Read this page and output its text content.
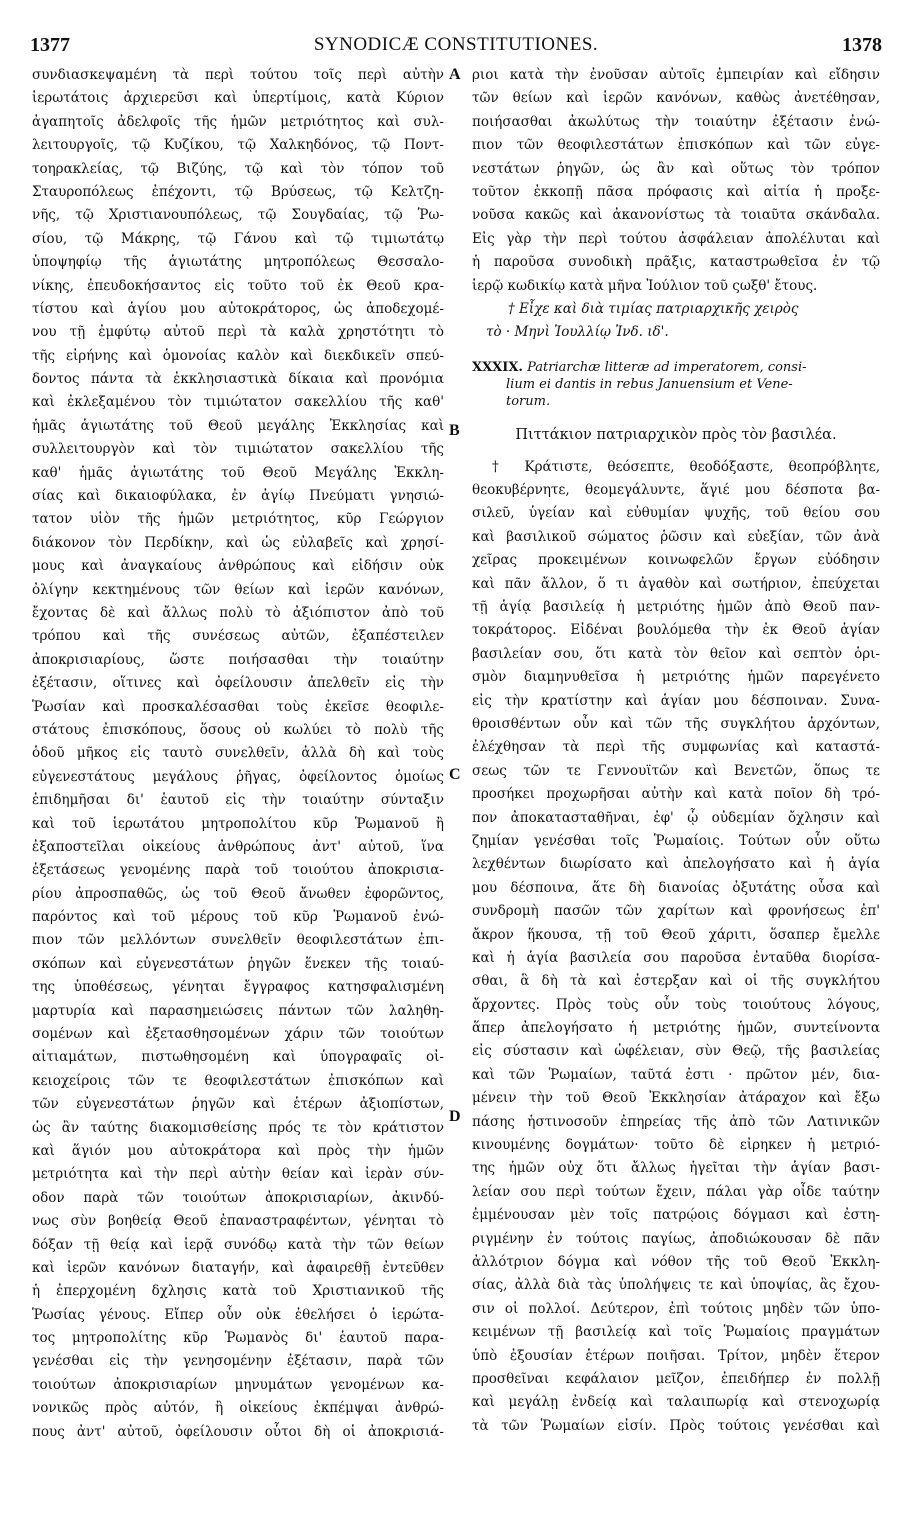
1377	SYNODICÆ CONSTITUTIONES.	1378
A
B
C
D
συνδιασκεψαμένη τὰ περὶ τούτου τοῖς περὶ αὐτὴν
ἱερωτάτοις ἀρχιερεῦσι καὶ ὑπερτίμοις, κατὰ Κύριον
ἀγαπητοῖς ἀδελφοῖς τῆς ἡμῶν μετριότητος καὶ συλ-
λειτουργοῖς, τῷ Κυζίκου, τῷ Χαλκηδόνος, τῷ Ποντ-
τοηρακλείας, τῷ Βιζύης, τῷ καὶ τὸν τόπον τοῦ
Σταυροπόλεως ἐπέχοντι, τῷ Βρύσεως, τῷ Κελτζη-
νῆς, τῷ Χριστιανουπόλεως, τῷ Σουγδαίας, τῷ Ῥω-
σίου, τῷ Μάκρης, τῷ Γάνου καὶ τῷ τιμιωτάτῳ
ὑποψηφίῳ τῆς ἁγιωτάτης μητροπόλεως Θεσσαλο-
νίκης, ἐπευδοκήσαντος εἰς τοῦτο τοῦ ἐκ Θεοῦ κρα-
τίστου καὶ ἁγίου μου αὐτοκράτορος, ὡς ἀποδεχομέ-
νου τῇ ἐμφύτῳ αὐτοῦ περὶ τὰ καλὰ χρηστότητι τὸ
τῆς εἰρήνης καὶ ὁμονοίας καλὸν καὶ διεκδικεῖν σπεύ-
δοντος πάντα τὰ ἐκκλησιαστικὰ δίκαια καὶ προνόμια
καὶ ἐκλεξαμένου τὸν τιμιώτατον σακελλίου τῆς καθ'
ἡμᾶς ἁγιωτάτης τοῦ Θεοῦ μεγάλης Ἐκκλησίας καὶ
συλλειτουργὸν καὶ τὸν τιμιώτατον σακελλίου τῆς
καθ' ἡμᾶς ἁγιωτάτης τοῦ Θεοῦ Μεγάλης Ἐκκλη-
σίας καὶ δικαιοφύλακα, ἐν ἁγίῳ Πνεύματι γνησιώ-
τατον υἱὸν τῆς ἡμῶν μετριότητος, κῦρ Γεώργιον
διάκονον τὸν Περδίκην, καὶ ὡς εὐλαβεῖς καὶ χρησί-
μους καὶ ἀναγκαίους ἀνθρώπους καὶ εἰδήσιν οὐκ
ὀλίγην κεκτημένους τῶν θείων καὶ ἱερῶν κανόνων,
ἔχοντας δὲ καὶ ἄλλως πολὺ τὸ ἀξιόπιστον ἀπὸ τοῦ
τρόπου καὶ τῆς συνέσεως αὐτῶν, ἐξαπέστειλεν
ἀποκρισιαρίους, ὥστε ποιήσασθαι τὴν τοιαύτην
ἐξέτασιν, οἵτινες καὶ ὀφείλουσιν ἀπελθεῖν εἰς τὴν
Ῥωσίαν καὶ προσκαλέσασθαι τοὺς ἐκεῖσε θεοφιλε-
στάτους ἐπισκόπους, ὅσους οὐ κωλύει τὸ πολὺ τῆς
ὁδοῦ μῆκος εἰς ταυτὸ συνελθεῖν, ἀλλὰ δὴ καὶ τοὺς
εὐγενεστάτους μεγάλους ῥῆγας, ὀφείλοντος ὁμοίως
ἐπιδημῆσαι δι' ἑαυτοῦ εἰς τὴν τοιαύτην σύνταξιν
καὶ τοῦ ἱερωτάτου μητροπολίτου κῦρ Ῥωμανοῦ ἢ
ἐξαποστεῖλαι οἰκείους ἀνθρώπους ἀντ' αὐτοῦ, ἵνα
ἐξετάσεως γενομένης παρὰ τοῦ τοιούτου ἀποκρισια-
ρίου ἀπροσπαθῶς, ὡς τοῦ Θεοῦ ἄνωθεν ἐφορῶντος,
παρόντος καὶ τοῦ μέρους τοῦ κῦρ Ῥωμανοῦ ἐνώ-
πιον τῶν μελλόντων συνελθεῖν θεοφιλεστάτων ἐπι-
σκόπων καὶ εὐγενεστάτων ῥηγῶν ἕνεκεν τῆς τοιαύ-
της ὑποθέσεως, γένηται ἔγγραφος κατησφαλισμένη
μαρτυρία καὶ παρασημειώσεις πάντων τῶν λαληθη-
σομένων καὶ ἐξετασθησομένων χάριν τῶν τοιούτων
αἰτιαμάτων, πιστωθησομένη καὶ ὑπογραφαῖς οἰ-
κειοχείροις τῶν τε θεοφιλεστάτων ἐπισκόπων καὶ
τῶν εὐγενεστάτων ῥηγῶν καὶ ἑτέρων ἀξιοπίστων,
ὡς ἂν ταύτης διακομισθείσης πρός τε τὸν κράτιστον
καὶ ἅγιόν μου αὐτοκράτορα καὶ πρὸς τὴν ἡμῶν
μετριότητα καὶ τὴν περὶ αὐτὴν θείαν καὶ ἱερὰν σύν-
οδον παρὰ τῶν τοιούτων ἀποκρισιαρίων, ἀκινδύ-
νως σὺν βοηθείᾳ Θεοῦ ἐπαναστραφέντων, γένηται τὸ
δόξαν τῇ θείᾳ καὶ ἱερᾷ συνόδῳ κατὰ τὴν τῶν θείων
καὶ ἱερῶν κανόνων διαταγήν, καὶ ἀφαιρεθῇ ἐντεῦθεν
ἡ ἐπερχομένη δχλησις κατὰ τοῦ Χριστιανικοῦ τῆς
Ῥωσίας γένους. Εἴπερ οὖν οὐκ ἐθελήσει ὁ ἱερώτα-
τος μητροπολίτης κῦρ Ῥωμανὸς δι' ἑαυτοῦ παρα-
γενέσθαι εἰς τὴν γενησομένην ἐξέτασιν, παρὰ τῶν
τοιούτων ἀποκρισιαρίων μηνυμάτων γενομένων κα-
νονικῶς πρὸς αὐτόν, ἢ οἰκείους ἐκπέμψαι ἀνθρώ-
πους ἀντ' αὐτοῦ, ὀφείλουσιν οὗτοι δὴ οἱ ἀποκρισιά-
ριοι κατὰ τὴν ἐνοῦσαν αὐτοῖς ἐμπειρίαν καὶ εἴδησιν
τῶν θείων καὶ ἱερῶν κανόνων, καθὼς ἀνετέθησαν,
ποιήσασθαι ἀκωλύτως τὴν τοιαύτην ἐξέτασιν ἐνώ-
πιον τῶν θεοφιλεστάτων ἐπισκόπων καὶ τῶν εὐγε-
νεστάτων ῥηγῶν, ὡς ἂν καὶ οὕτως τὸν τρόπον
τοῦτον ἐκκοπῇ πᾶσα πρόφασις καὶ αἰτία ἡ προξε-
νοῦσα κακῶς καὶ ἀκανονίστως τὰ τοιαῦτα σκάνδαλα.
Εἰς γὰρ τὴν περὶ τούτου ἀσφάλειαν ἀπολέλυται καὶ
ἡ παροῦσα συνοδικὴ πρᾶξις, καταστρωθεῖσα ἐν τῷ
ἱερῷ κωδικίῳ κατὰ μῆνα Ἰούλιον τοῦ ςωξθ' ἔτους.
† Εἶχε καὶ διὰ τιμίας πατριαρχικῆς χειρὸς
τὸ · Μηνὶ Ἰουλλίῳ Ἰνδ. ιδ'.
XXXIX. Patriarchæ litteræ ad imperatorem, consi-
lium ei dantis in rebus Januensium et Vene-
torum.
Πιττάκιον πατριαρχικὸν πρὸς τὸν βασιλέα.
† Κράτιστε, θεόσεπτε, θεοδόξαστε, θεοπρόβλητε,
θεοκυβέρνητε, θεομεγάλυντε, ἅγιέ μου δέσποτα βα-
σιλεῦ, ὑγείαν καὶ εὐθυμίαν ψυχῆς, τοῦ θείου σου
καὶ βασιλικοῦ σώματος ῥῶσιν καὶ εὐεξίαν, τῶν ἀνὰ
χεῖρας προκειμένων κοινωφελῶν ἔργων εὐόδησιν
καὶ πᾶν ἄλλον, ὅ τι ἀγαθὸν καὶ σωτήριον, ἐπεύχεται
τῇ ἁγίᾳ βασιλείᾳ ἡ μετριότης ἡμῶν ἀπὸ Θεοῦ παν-
τοκράτορος. Εἰδέναι βουλόμεθα τὴν ἐκ Θεοῦ ἁγίαν
βασιλείαν σου, ὅτι κατὰ τὸν θεῖον καὶ σεπτὸν ὁρι-
σμὸν διαμηνυθεῖσα ἡ μετριότης ἡμῶν παρεγένετο
εἰς τὴν κρατίστην καὶ ἁγίαν μου δέσποιναν. Συνα-
θροισθέντων οὖν καὶ τῶν τῆς συγκλήτου ἀρχόντων,
ἐλέχθησαν τὰ περὶ τῆς συμφωνίας καὶ καταστά-
σεως τῶν τε Γεννουϊτῶν καὶ Βενετῶν, ὅπως τε
προσήκει προχωρῆσαι αὐτὴν καὶ κατὰ ποῖον δὴ τρό-
πον ἀποκατασταθῆναι, ἐφ' ᾧ οὐδεμίαν ὄχλησιν καὶ
ζημίαν γενέσθαι τοῖς Ῥωμαίοις. Τούτων οὖν οὕτω
λεχθέντων διωρίσατο καὶ ἀπελογήσατο καὶ ἡ ἁγία
μου δέσποινα, ἅτε δὴ διανοίας ὀξυτάτης οὖσα καὶ
συνδρομὴ πασῶν τῶν χαρίτων καὶ φρονήσεως ἐπ'
ἄκρον ἥκουσα, τῇ τοῦ Θεοῦ χάριτι, ὅσαπερ ἔμελλε
καὶ ἡ ἁγία βασιλεία σου παροῦσα ἐνταῦθα διορίσα-
σθαι, ἃ δὴ τὰ καὶ ἐστερξαν καὶ οἱ τῆς συγκλήτου
ἄρχοντες. Πρὸς τοὺς οὖν τοὺς τοιούτους λόγους,
ἅπερ ἀπελογήσατο ἡ μετριότης ἡμῶν, συντείνοντα
εἰς σύστασιν καὶ ὠφέλειαν, σὺν Θεῷ, τῆς βασιλείας
καὶ τῶν Ῥωμαίων, ταῦτά ἐστι · πρῶτον μέν, δια-
μένειν τὴν τοῦ Θεοῦ Ἐκκλησίαν ἀτάραχον καὶ ἔξω
πάσης ἡστινοσοῦν ἐπηρείας τῆς ἀπὸ τῶν Λατινικῶν
κινουμένης δογμάτων· τοῦτο δὲ εἰρηκεν ἡ μετριό-
της ἡμῶν οὐχ ὅτι ἄλλως ἡγεῖται τὴν ἁγίαν βασι-
λείαν σου περὶ τούτων ἔχειν, πάλαι γὰρ οἶδε ταύτην
ἐμμένουσαν μὲν τοῖς πατρῴοις δόγμασι καὶ ἐστη-
ριγμένην ἐν τούτοις παγίως, ἀποδιώκουσαν δὲ πᾶν
ἀλλότριον δόγμα καὶ νόθον τῆς τοῦ Θεοῦ Ἐκκλη-
σίας, ἀλλὰ διὰ τὰς ὑπολήψεις τε καὶ ὑποψίας, ἃς ἔχου-
σιν οἱ πολλοί. Δεύτερον, ἐπὶ τούτοις μηδὲν τῶν ὑπο-
κειμένων τῇ βασιλείᾳ καὶ τοῖς Ῥωμαίοις πραγμάτων
ὑπὸ ἐξουσίαν ἑτέρων ποιῆσαι. Τρίτον, μηδὲν ἕτερον
προσθεῖναι κεφάλαιον μεῖζον, ἐπειδήπερ ἐν πολλῇ
καὶ μεγάλῃ ἐνδείᾳ καὶ ταλαιπωρίᾳ καὶ στενοχωρίᾳ
τὰ τῶν Ῥωμαίων εἰσίν. Πρὸς τούτοις γενέσθαι καὶ
